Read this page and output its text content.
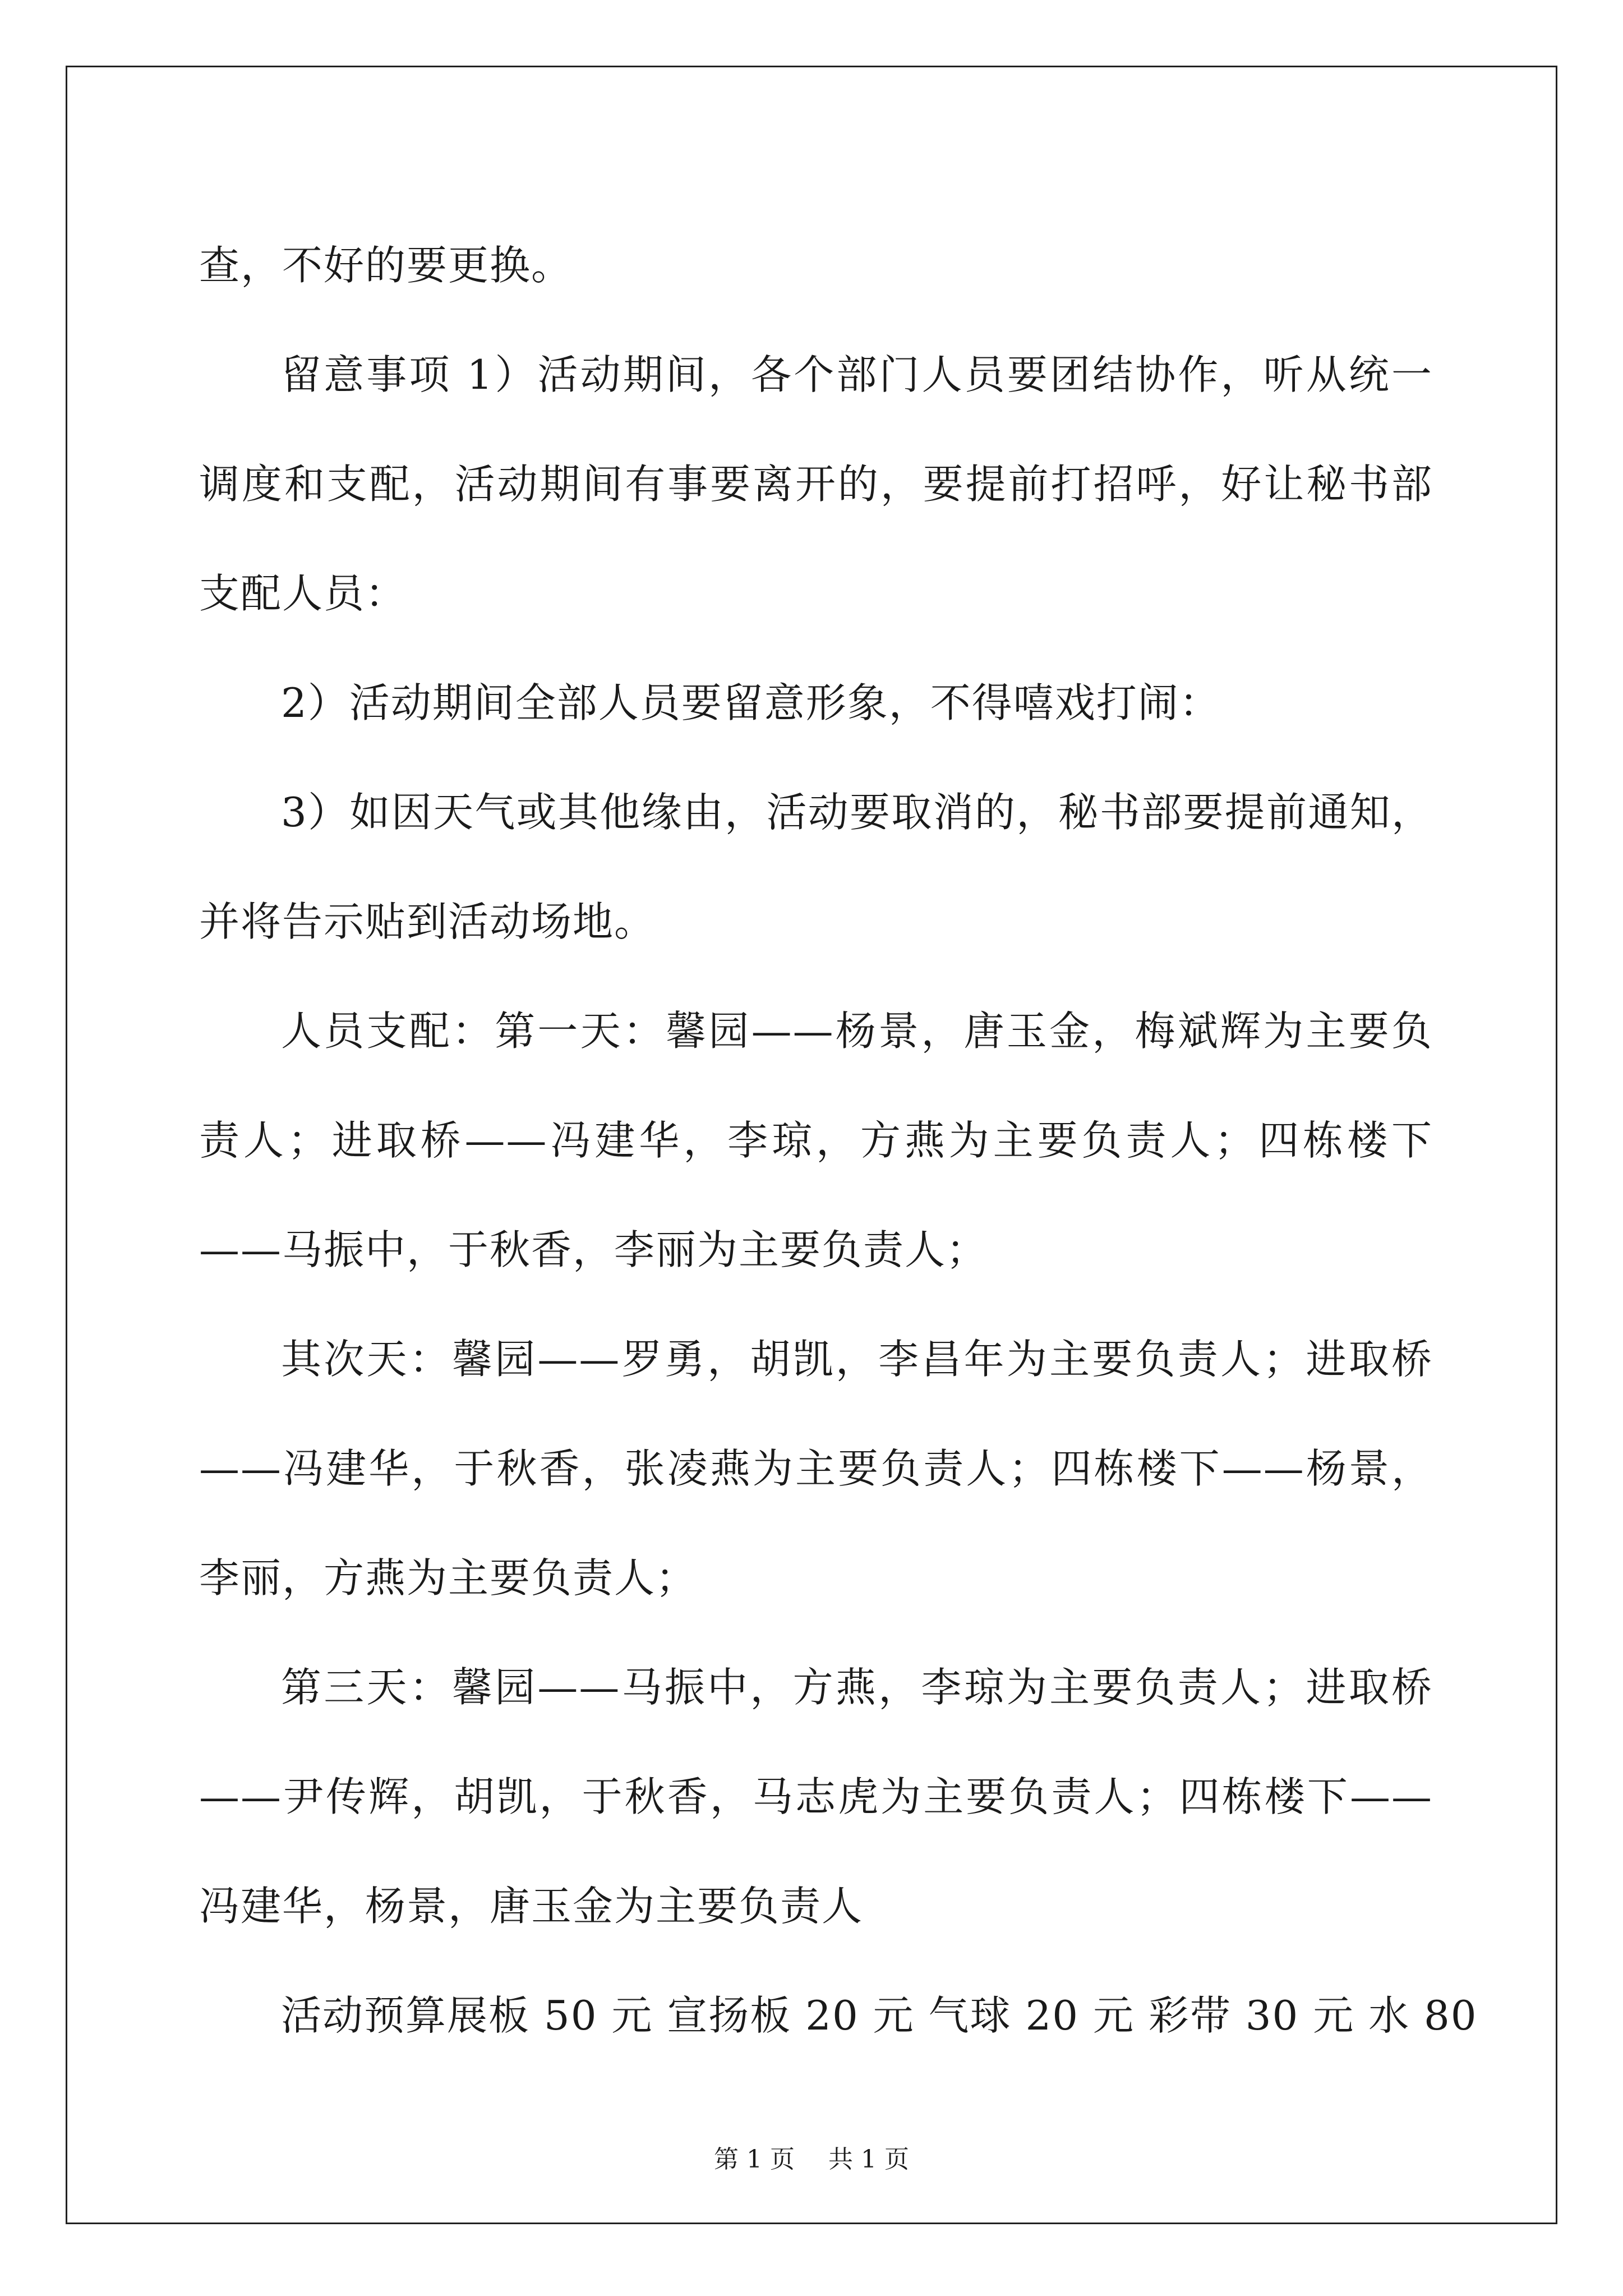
查，不好的要更换。

留意事项 1）活动期间，各个部门人员要团结协作，听从统一调度和支配，活动期间有事要离开的，要提前打招呼，好让秘书部支配人员：

2）活动期间全部人员要留意形象，不得嘻戏打闹：

3）如因天气或其他缘由，活动要取消的，秘书部要提前通知，并将告示贴到活动场地。

人员支配：第一天：馨园——杨景，唐玉金，梅斌辉为主要负责人；进取桥——冯建华，李琼，方燕为主要负责人；四栋楼下——马振中，于秋香，李丽为主要负责人；

其次天：馨园——罗勇，胡凯，李昌年为主要负责人；进取桥——冯建华，于秋香，张凌燕为主要负责人；四栋楼下——杨景，李丽，方燕为主要负责人；

第三天：馨园——马振中，方燕，李琼为主要负责人；进取桥——尹传辉，胡凯，于秋香，马志虎为主要负责人；四栋楼下——冯建华，杨景，唐玉金为主要负责人

活动预算展板 50 元 宣扬板 20 元 气球 20 元 彩带 30 元 水 80

第 1 页 共 1 页
